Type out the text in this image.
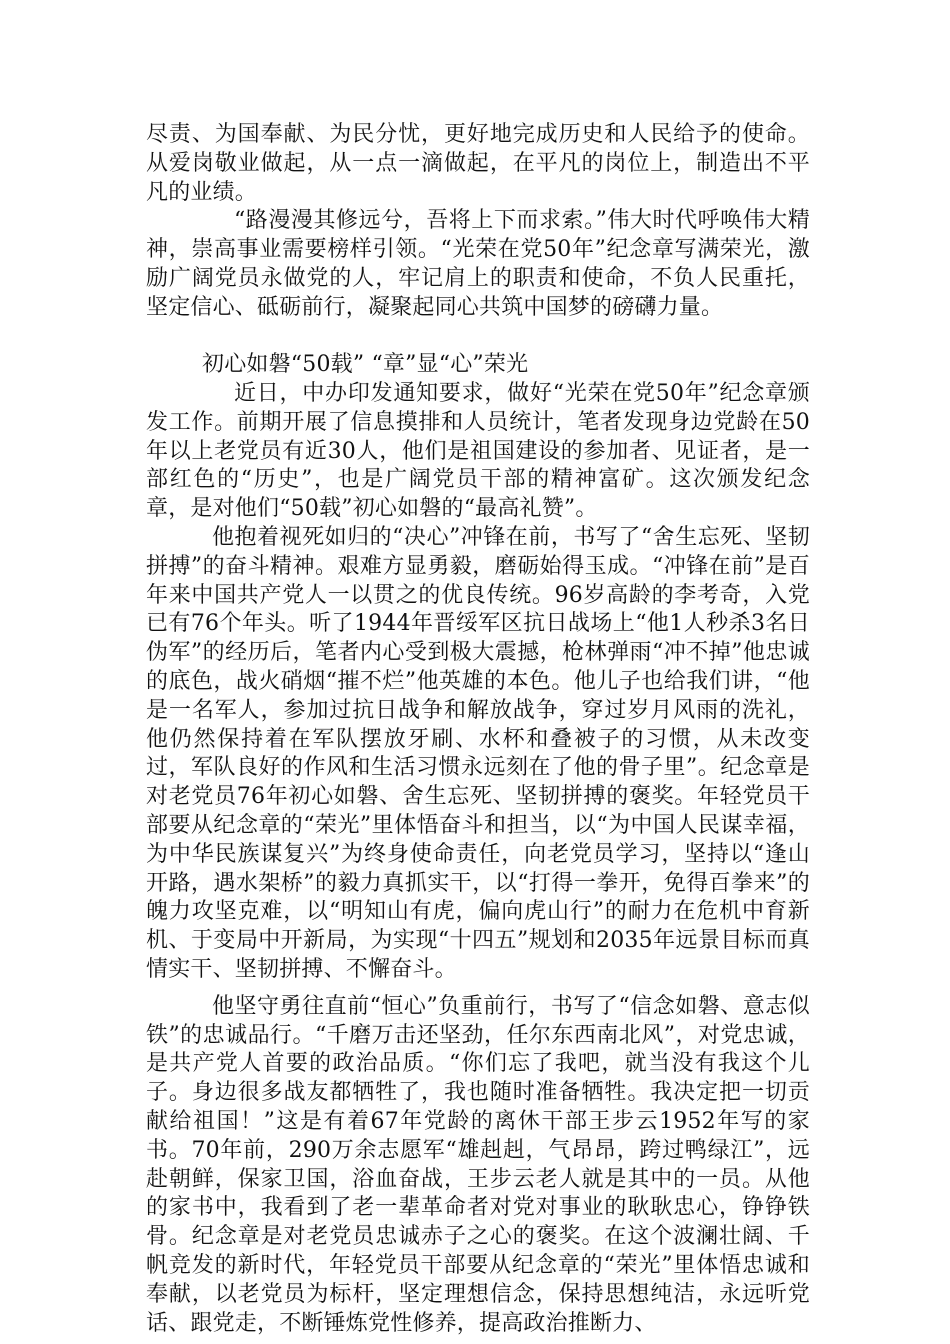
尽责、为国奉献、为民分忧，更好地完成历史和人民给予的使命。从爱岗敬业做起，从一点一滴做起，在平凡的岗位上，制造出不平凡的业绩。

“路漫漫其修远兮，吾将上下而求索。”伟大时代呼唤伟大精神，崇高事业需要榜样引领。“光荣在党50年”纪念章写满荣光，激励广阔党员永做党的人，牢记肩上的职责和使命，不负人民重托，坚定信心、砥砺前行，凝聚起同心共筑中国梦的磅礴力量。

初心如磐“50载” “章”显“心”荣光

近日，中办印发通知要求，做好“光荣在党50年”纪念章颁发工作。前期开展了信息摸排和人员统计，笔者发现身边党龄在50年以上老党员有近30人，他们是祖国建设的参加者、见证者，是一部红色的“历史”，也是广阔党员干部的精神富矿。这次颁发纪念章，是对他们“50载”初心如磐的“最高礼赞”。

他抱着视死如归的“决心”冲锋在前，书写了“舍生忘死、坚韧拼搏”的奋斗精神。艰难方显勇毅，磨砺始得玉成。“冲锋在前”是百年来中国共产党人一以贯之的优良传统。96岁高龄的李考奇，入党已有76个年头。听了1944年晋绥军区抗日战场上“他1人秒杀3名日伪军”的经历后，笔者内心受到极大震撼，枪林弹雨“冲不掉”他忠诚的底色，战火硝烟“摧不烂”他英雄的本色。他儿子也给我们讲，“他是一名军人，参加过抗日战争和解放战争，穿过岁月风雨的洗礼，他仍然保持着在军队摆放牙刷、水杯和叠被子的习惯，从未改变过，军队良好的作风和生活习惯永远刻在了他的骨子里”。纪念章是对老党员76年初心如磐、舍生忘死、坚韧拼搏的褒奖。年轻党员干部要从纪念章的“荣光”里体悟奋斗和担当，以“为中国人民谋幸福，为中华民族谋复兴”为终身使命责任，向老党员学习，坚持以“逢山开路，遇水架桥”的毅力真抓实干，以“打得一拳开，免得百拳来”的魄力攻坚克难，以“明知山有虎，偏向虎山行”的耐力在危机中育新机、于变局中开新局，为实现“十四五”规划和2035年远景目标而真情实干、坚韧拼搏、不懈奋斗。

他坚守勇往直前“恒心”负重前行，书写了“信念如磐、意志似铁”的忠诚品行。“千磨万击还坚劲，任尔东西南北风”，对党忠诚，是共产党人首要的政治品质。“你们忘了我吧，就当没有我这个儿子。身边很多战友都牺牲了，我也随时准备牺牲。我决定把一切贡献给祖国！”这是有着67年党龄的离休干部王步云1952年写的家书。70年前，290万余志愿军“雄赳赳，气昂昂，跨过鸭绿江”，远赴朝鲜，保家卫国，浴血奋战，王步云老人就是其中的一员。从他的家书中，我看到了老一辈革命者对党对事业的耿耿忠心，铮铮铁骨。纪念章是对老党员忠诚赤子之心的褒奖。在这个波澜壮阔、千帆竞发的新时代，年轻党员干部要从纪念章的“荣光”里体悟忠诚和奉献，以老党员为标杆，坚定理想信念，保持思想纯洁，永远听党话、跟党走，不断锤炼党性修养，提高政治推断力、
